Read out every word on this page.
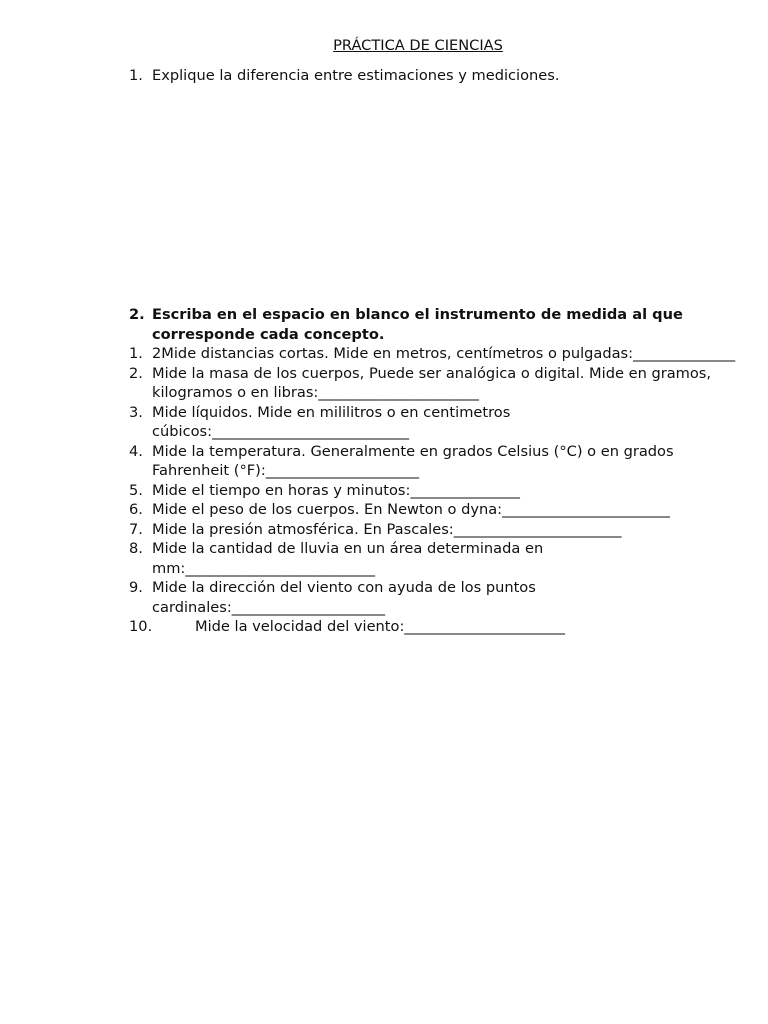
PRÁCTICA DE CIENCIAS
1. Explique la diferencia entre estimaciones y mediciones.
2. Escriba en el espacio en blanco el instrumento de medida al que corresponde cada concepto.
1. 2Mide distancias cortas. Mide en metros, centímetros o pulgadas:______________
2. Mide la masa de los cuerpos, Puede ser analógica o digital. Mide en gramos, kilogramos o en libras:______________________
3. Mide líquidos. Mide en mililitros o en centimetros cúbicos:___________________________
4. Mide la temperatura. Generalmente en grados Celsius (°C) o en grados Fahrenheit (°F):_____________________
5. Mide el tiempo en horas y minutos:_______________
6. Mide el peso de los cuerpos. En Newton o dyna:_______________________
7. Mide la presión atmosférica. En Pascales:_______________________
8. Mide la cantidad de lluvia en un área determinada en mm:__________________________
9. Mide la dirección del viento con ayuda de los puntos cardinales:_____________________
10.	Mide la velocidad del viento:______________________
